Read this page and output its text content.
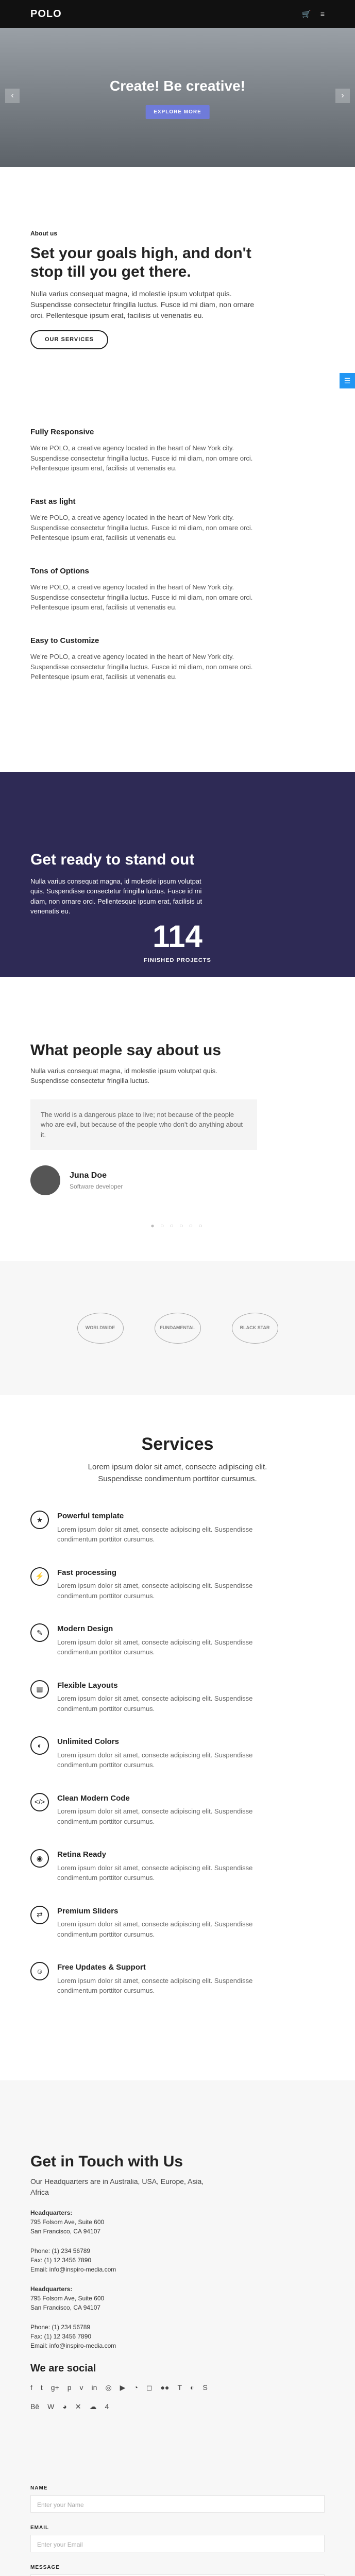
POLO	🛒 ≡
‹
Create! Be creative!
EXPLORE MORE
›
About us
Set your goals high, and don't stop till you get there.

Nulla varius consequat magna, id molestie ipsum volutpat quis. Suspendisse consectetur fringilla luctus. Fusce id mi diam, non ornare orci. Pellentesque ipsum erat, facilisis ut venenatis eu.

OUR SERVICES
☰
Fully Responsive

We're POLO, a creative agency located in the heart of New York city. Suspendisse consectetur fringilla luctus. Fusce id mi diam, non ornare orci. Pellentesque ipsum erat, facilisis ut venenatis eu.

Fast as light

We're POLO, a creative agency located in the heart of New York city. Suspendisse consectetur fringilla luctus. Fusce id mi diam, non ornare orci. Pellentesque ipsum erat, facilisis ut venenatis eu.

Tons of Options

We're POLO, a creative agency located in the heart of New York city. Suspendisse consectetur fringilla luctus. Fusce id mi diam, non ornare orci. Pellentesque ipsum erat, facilisis ut venenatis eu.

Easy to Customize

We're POLO, a creative agency located in the heart of New York city. Suspendisse consectetur fringilla luctus. Fusce id mi diam, non ornare orci. Pellentesque ipsum erat, facilisis ut venenatis eu.

Get ready to stand out

Nulla varius consequat magna, id molestie ipsum volutpat quis. Suspendisse consectetur fringilla luctus. Fusce id mi diam, non ornare orci. Pellentesque ipsum erat, facilisis ut venenatis eu.

114
FINISHED PROJECTS
What people say about us

Nulla varius consequat magna, id molestie ipsum volutpat quis. Suspendisse consectetur fringilla luctus.

The world is a dangerous place to live; not because of the people who are evil, but because of the people who don't do anything about it.
Juna Doe
Software developer
● ○ ○ ○ ○ ○
WORLDWIDE	FUNDAMENTAL	BLACK STAR
Services

Lorem ipsum dolor sit amet, consecte adipiscing elit. Suspendisse condimentum porttitor cursumus.

★	Powerful template

Lorem ipsum dolor sit amet, consecte adipiscing elit. Suspendisse condimentum porttitor cursumus.

⚡	Fast processing

Lorem ipsum dolor sit amet, consecte adipiscing elit. Suspendisse condimentum porttitor cursumus.

✎	Modern Design

Lorem ipsum dolor sit amet, consecte adipiscing elit. Suspendisse condimentum porttitor cursumus.

▦	Flexible Layouts

Lorem ipsum dolor sit amet, consecte adipiscing elit. Suspendisse condimentum porttitor cursumus.

◐	Unlimited Colors

Lorem ipsum dolor sit amet, consecte adipiscing elit. Suspendisse condimentum porttitor cursumus.

</>	Clean Modern Code

Lorem ipsum dolor sit amet, consecte adipiscing elit. Suspendisse condimentum porttitor cursumus.

◉	Retina Ready

Lorem ipsum dolor sit amet, consecte adipiscing elit. Suspendisse condimentum porttitor cursumus.

⇄	Premium Sliders

Lorem ipsum dolor sit amet, consecte adipiscing elit. Suspendisse condimentum porttitor cursumus.

☺	Free Updates & Support

Lorem ipsum dolor sit amet, consecte adipiscing elit. Suspendisse condimentum porttitor cursumus.

Get in Touch with Us

Our Headquarters are in Australia, USA, Europe, Asia, Africa

Headquarters:
795 Folsom Ave, Suite 600
San Francisco, CA 94107
Phone: (1) 234 56789
Fax: (1) 12 3456 7890
Email: info@inspiro-media.com
Headquarters:
795 Folsom Ave, Suite 600
San Francisco, CA 94107
Phone: (1) 234 56789
Fax: (1) 12 3456 7890
Email: info@inspiro-media.com
We are social
f t g+ p v in ◎ ▶ ◔ ◻ ●● T ◐ S
Bē W ◕ ✕ ☁ 4
NAME
Enter your Name
EMAIL
Enter your Email
MESSAGE
